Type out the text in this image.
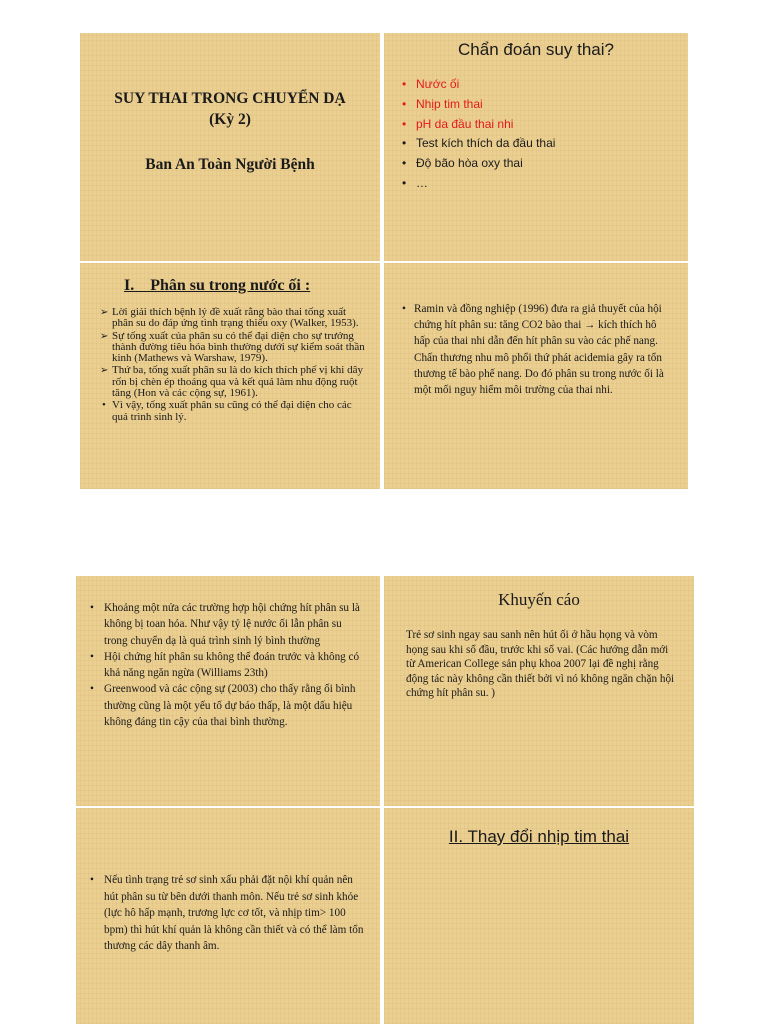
SUY THAI TRONG CHUYỂN DẠ
(Kỳ 2)
Ban An Toàn Người Bệnh
Chẩn đoán suy thai?
• Nước ối
• Nhịp tim thai
• pH da đầu thai nhi
• Test kích thích da đầu thai
• Độ bão hòa oxy thai
• …
I.    Phân su trong nước ối :
➢ Lời giải thích bệnh lý đề xuất rằng bào thai tống xuất phân su do đáp ứng tình trạng thiếu oxy (Walker, 1953).
➢ Sự tống xuất của phân su có thể đại diện cho sự trưởng thành đường tiêu hóa bình thường dưới sự kiểm soát thần kinh (Mathews và Warshaw, 1979).
➢ Thứ ba, tống xuất phân su là do kích thích phế vị khi dây rốn bị chèn ép thoáng qua và kết quả làm nhu động ruột tăng (Hon và các cộng sự, 1961).
• Vì vậy, tống xuất phân su cũng có thể đại diện cho các quá trình sinh lý.
• Ramin và đồng nghiệp (1996) đưa ra giả thuyết của hội chứng hít phân su: tăng CO2 bào thai → kích thích hô hấp của thai nhi dẫn đến hít phân su vào các phế nang. Chấn thương nhu mô phổi thứ phát acidemia gây ra tổn thương tế bào phế nang. Do đó phân su trong nước ối là một mối nguy hiểm môi trường của thai nhi.
• Khoảng một nửa các trường hợp hội chứng hít phân su là không bị toan hóa. Như vậy tỷ lệ nước ối lẫn phân su trong chuyển dạ là quá trình sinh lý bình thường
• Hội chứng hít phân su không thể đoán trước và không có khả năng ngăn ngừa (Williams 23th)
• Greenwood và các cộng sự (2003) cho thấy rằng ối bình thường cũng là một yếu tố dự báo thấp, là một dấu hiệu không đáng tin cậy của thai bình thường.
Khuyến cáo
Trẻ sơ sinh ngay sau sanh nên hút ối ở hầu họng và vòm họng sau khi sổ đầu, trước khi sổ vai. (Các hướng dẫn mới từ American College sản phụ khoa 2007 lại đề nghị rằng động tác này không cần thiết bởi vì nó không ngăn chặn hội chứng hít phân su. )
• Nếu tình trạng trẻ sơ sinh xấu phải đặt nội khí quản nên hút phân su từ bên dưới thanh môn. Nếu trẻ sơ sinh khỏe (lực hô hấp mạnh, trương lực cơ tốt, và nhịp tim> 100 bpm) thì hút khí quản là không cần thiết và có thể làm tổn thương các dây thanh âm.
II. Thay đổi nhịp tim thai
